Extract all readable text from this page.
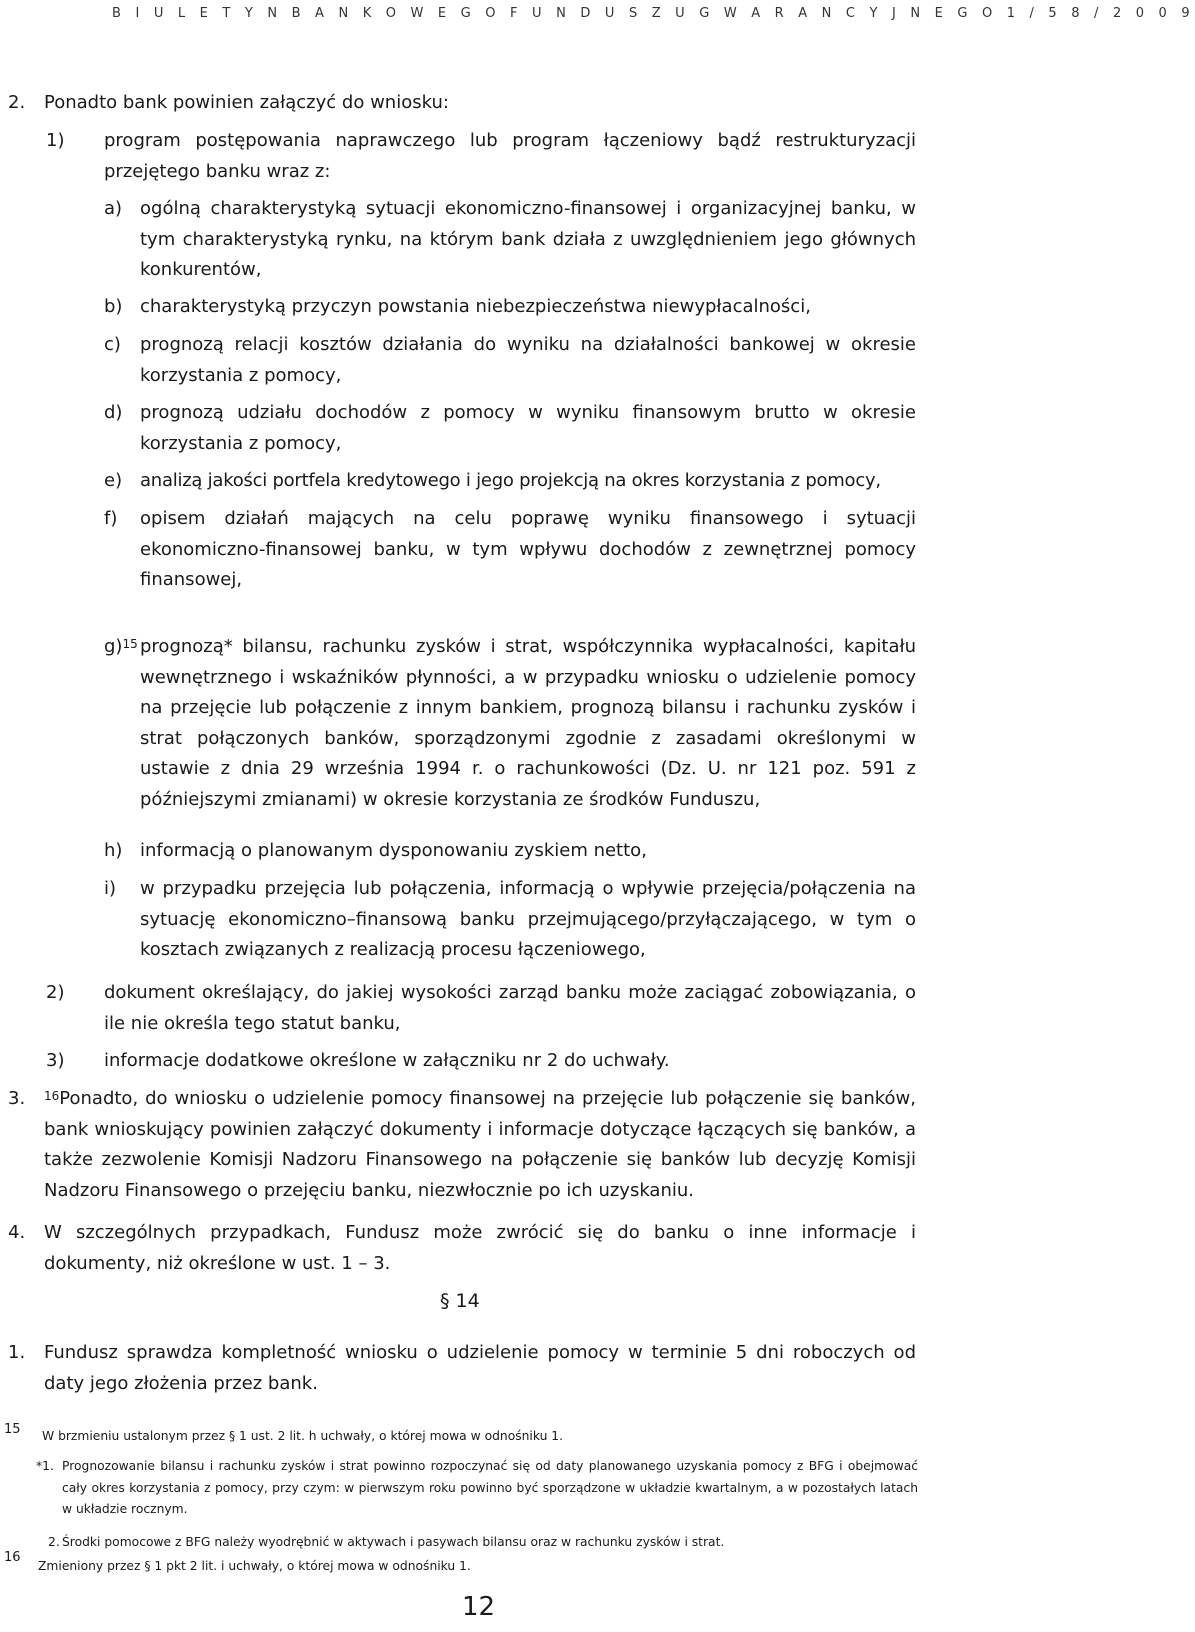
B I U L E T Y N B A N K O W E G O F U N D U S Z U G W A R A N C Y J N E G O 1 / 5 8 / 2 0 0 9
2. Ponadto bank powinien załączyć do wniosku:
1) program postępowania naprawczego lub program łączeniowy bądź restrukturyzacji przejętego banku wraz z:
a) ogólną charakterystyką sytuacji ekonomiczno-finansowej i organizacyjnej banku, w tym charakterystyką rynku, na którym bank działa z uwzględnieniem jego głównych konkurentów,
b) charakterystyką przyczyn powstania niebezpieczeństwa niewypłacalności,
c) prognozą relacji kosztów działania do wyniku na działalności bankowej w okresie korzystania z pomocy,
d) prognozą udziału dochodów z pomocy w wyniku finansowym brutto w okresie korzystania z pomocy,
e) analizą jakości portfela kredytowego i jego projekcją na okres korzystania z pomocy,
f) opisem działań mających na celu poprawę wyniku finansowego i sytuacji ekonomiczno-finansowej banku, w tym wpływu dochodów z zewnętrznej pomocy finansowej,
g)$^{15}$ prognozą* bilansu, rachunku zysków i strat, współczynnika wypłacalności, kapitału wewnętrznego i wskaźników płynności, a w przypadku wniosku o udzielenie pomocy na przejęcie lub połączenie z innym bankiem, prognozą bilansu i rachunku zysków i strat połączonych banków, sporządzonymi zgodnie z zasadami określonymi w ustawie z dnia 29 września 1994 r. o rachunkowości (Dz. U. nr 121 poz. 591 z późniejszymi zmianami) w okresie korzystania ze środków Funduszu,
h) informacją o planowanym dysponowaniu zyskiem netto,
i) w przypadku przejęcia lub połączenia, informacją o wpływie przejęcia/połączenia na sytuację ekonomiczno–finansową banku przejmującego/przyłączającego, w tym o kosztach związanych z realizacją procesu łączeniowego,
2) dokument określający, do jakiej wysokości zarząd banku może zaciągać zobowiązania, o ile nie określa tego statut banku,
3) informacje dodatkowe określone w załączniku nr 2 do uchwały.
3. $^{16}$Ponadto, do wniosku o udzielenie pomocy finansowej na przejęcie lub połączenie się banków, bank wnioskujący powinien załączyć dokumenty i informacje dotyczące łączących się banków, a także zezwolenie Komisji Nadzoru Finansowego na połączenie się banków lub decyzję Komisji Nadzoru Finansowego o przejęciu banku, niezwłocznie po ich uzyskaniu.
4. W szczególnych przypadkach, Fundusz może zwrócić się do banku o inne informacje i dokumenty, niż określone w ust. 1 – 3.
§ 14
1. Fundusz sprawdza kompletność wniosku o udzielenie pomocy w terminie 5 dni roboczych od daty jego złożenia przez bank.
15 W brzmieniu ustalonym przez § 1 ust. 2 lit. h uchwały, o której mowa w odnośniku 1.
*1. Prognozowanie bilansu i rachunku zysków i strat powinno rozpoczynać się od daty planowanego uzyskania pomocy z BFG i obejmować cały okres korzystania z pomocy, przy czym: w pierwszym roku powinno być sporządzone w układzie kwartalnym, a w pozostałych latach w układzie rocznym.
2. Środki pomocowe z BFG należy wyodrębnić w aktywach i pasywach bilansu oraz w rachunku zysków i strat.
16
Zmieniony przez § 1 pkt 2 lit. i uchwały, o której mowa w odnośniku 1.
12
